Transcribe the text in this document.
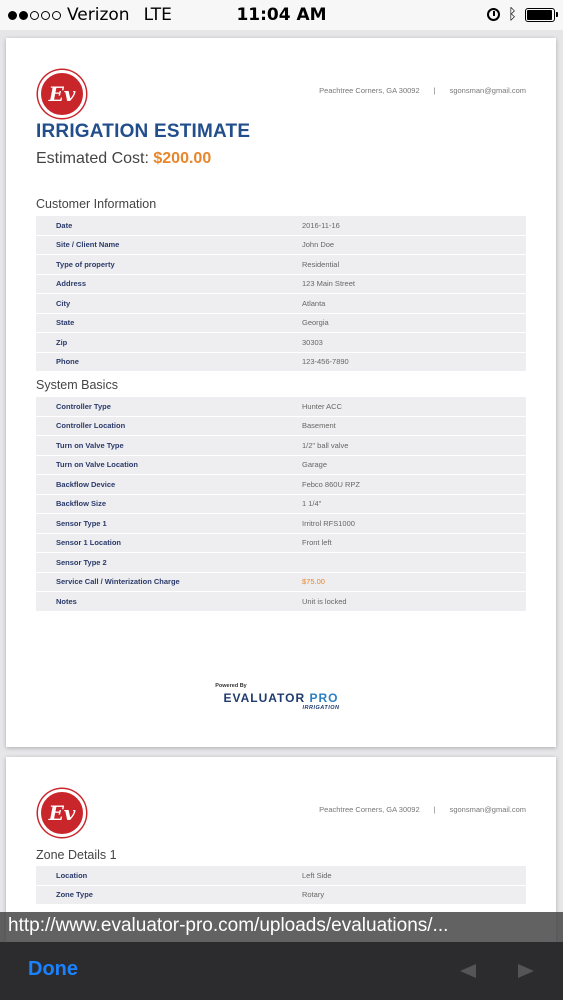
Verizon LTE	11:04 AM	ᛒ
Ev	Peachtree Corners, GA 30092 | sgonsman@gmail.com
IRRIGATION ESTIMATE
Estimated Cost: $200.00
Customer Information
Date	2016-11-16
Site / Client Name	John Doe
Type of property	Residential
Address	123 Main Street
City	Atlanta
State	Georgia
Zip	30303
Phone	123-456-7890
System Basics
Controller Type	Hunter ACC
Controller Location	Basement
Turn on Valve Type	1/2" ball valve
Turn on Valve Location	Garage
Backflow Device	Febco 860U RPZ
Backflow Size	1 1/4"
Sensor Type 1	Irritrol RFS1000
Sensor 1 Location	Front left
Sensor Type 2
Service Call / Winterization Charge	$75.00
Notes	Unit is locked
Powered By
EVALUATOR PRO
IRRIGATION
Ev	Peachtree Corners, GA 30092 | sgonsman@gmail.com
Zone Details 1
Location	Left Side
Zone Type	Rotary
http://www.evaluator-pro.com/uploads/evaluations/...
Done
